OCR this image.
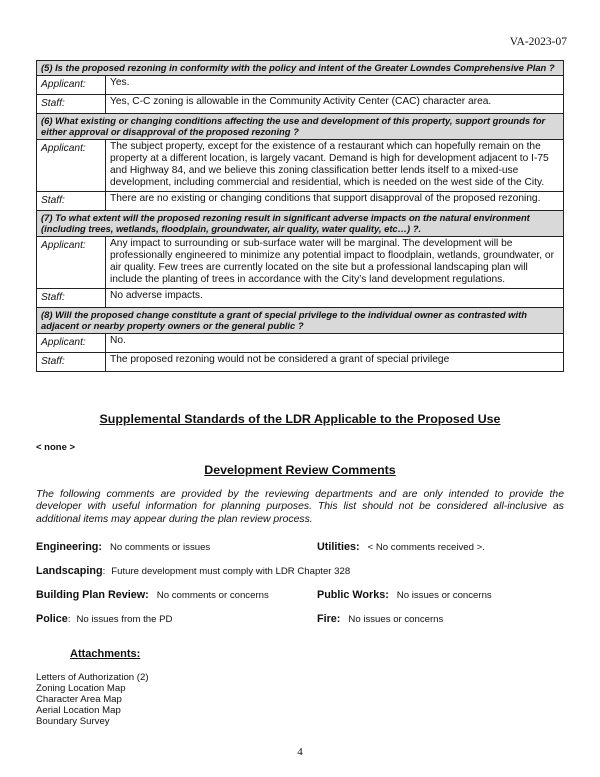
VA-2023-07
(5) Is the proposed rezoning in conformity with the policy and intent of the Greater Lowndes Comprehensive Plan ?	
Applicant:	Yes.
Staff:	Yes, C-C zoning is allowable in the Community Activity Center (CAC) character area.
(6) What existing or changing conditions affecting the use and development of this property, support grounds for either approval or disapproval of the proposed rezoning ?	
Applicant:	The subject property, except for the existence of a restaurant which can hopefully remain on the property at a different location, is largely vacant. Demand is high for development adjacent to I-75 and Highway 84, and we believe this zoning classification better lends itself to a mixed-use development, including commercial and residential, which is needed on the west side of the City.
Staff:	There are no existing or changing conditions that support disapproval of the proposed rezoning.
(7) To what extent will the proposed rezoning result in significant adverse impacts on the natural environment (including trees, wetlands, floodplain, groundwater, air quality, water quality, etc…) ?.	
Applicant:	Any impact to surrounding or sub-surface water will be marginal. The development will be professionally engineered to minimize any potential impact to floodplain, wetlands, groundwater, or air quality. Few trees are currently located on the site but a professional landscaping plan will include the planting of trees in accordance with the City’s land development regulations.
Staff:	No adverse impacts.
(8) Will the proposed change constitute a grant of special privilege to the individual owner as contrasted with adjacent or nearby property owners or the general public ?	
Applicant:	No.
Staff:	The proposed rezoning would not be considered a grant of special privilege
Supplemental Standards of the LDR Applicable to the Proposed Use
< none >
Development Review Comments
The following comments are provided by the reviewing departments and are only intended to provide the developer with useful information for planning purposes. This list should not be considered all-inclusive as additional items may appear during the plan review process.
Engineering: No comments or issues	Utilities: < No comments received >.
Landscaping: Future development must comply with LDR Chapter 328
Building Plan Review: No comments or concerns	Public Works: No issues or concerns
Police: No issues from the PD	Fire: No issues or concerns
Attachments:
Letters of Authorization (2)
Zoning Location Map
Character Area Map
Aerial Location Map
Boundary Survey
4
